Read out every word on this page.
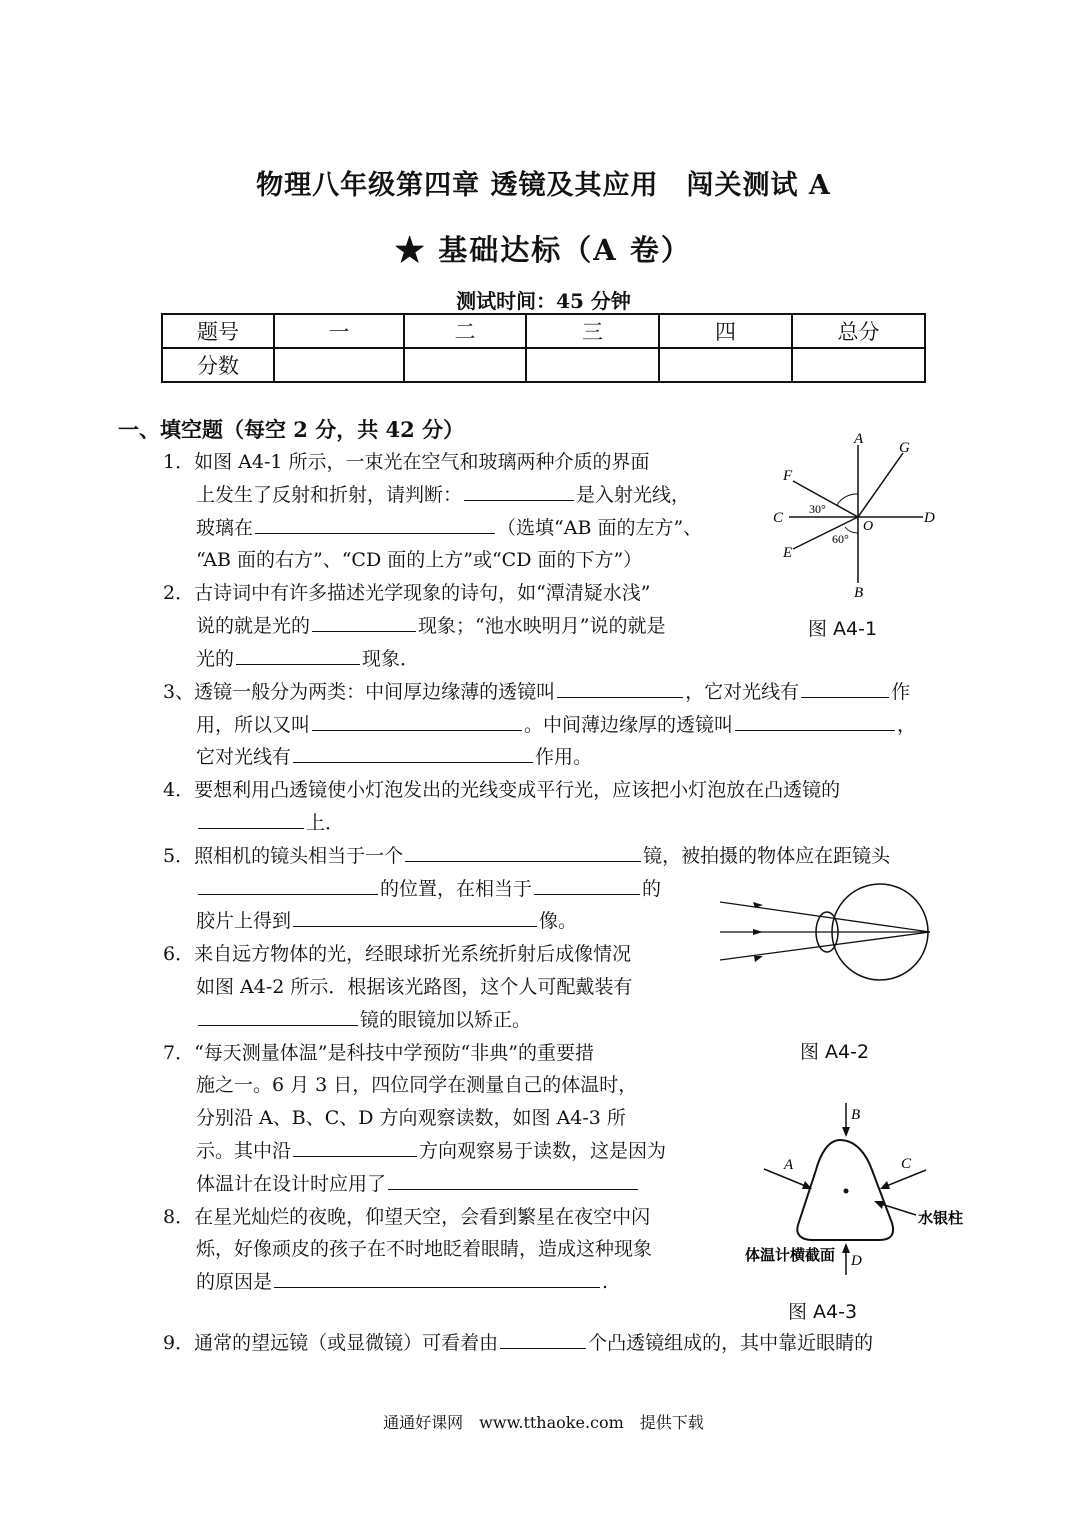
物理八年级第四章 透镜及其应用　闯关测试 A
★ 基础达标（A 卷）
测试时间：45 分钟
题号	一	二	三	四	总分
分数					
一、填空题（每空 2 分，共 42 分）
1．如图 A4-1 所示，一束光在空气和玻璃两种介质的界面
上发生了反射和折射，请判断：	是入射光线，
玻璃在	（选填“AB 面的左方”、
“AB 面的右方”、“CD 面的上方”或“CD 面的下方”）
2．古诗词中有许多描述光学现象的诗句，如“潭清疑水浅”
说的就是光的	现象；“池水映明月”说的就是
光的	现象．
3、透镜一般分为两类：中间厚边缘薄的透镜叫	，它对光线有	作
用，所以又叫	。中间薄边缘厚的透镜叫	，
它对光线有	作用。
4．要想利用凸透镜使小灯泡发出的光线变成平行光，应该把小灯泡放在凸透镜的
上．
5．照相机的镜头相当于一个	镜，被拍摄的物体应在距镜头
的位置，在相当于	的
胶片上得到	像。
6．来自远方物体的光，经眼球折光系统折射后成像情况
如图 A4-2 所示．根据该光路图，这个人可配戴装有
镜的眼镜加以矫正。
7．“每天测量体温”是科技中学预防“非典”的重要措
施之一。6 月 3 日，四位同学在测量自己的体温时，
分别沿 A、B、C、D 方向观察读数，如图 A4-3 所
示。其中沿	方向观察易于读数，这是因为
体温计在设计时应用了
8．在星光灿烂的夜晚，仰望天空，会看到繁星在夜空中闪
烁，好像顽皮的孩子在不时地眨着眼睛，造成这种现象
的原因是	.
9．通常的望远镜（或显微镜）可看着由	个凸透镜组成的，其中靠近眼睛的
A
B
C	D
E
F
G
O
30°
60°
图 A4-1
图 A4-2
B
A	C
D
水银柱
体温计横截面
图 A4-3
通通好课网　www.tthaoke.com　提供下载
